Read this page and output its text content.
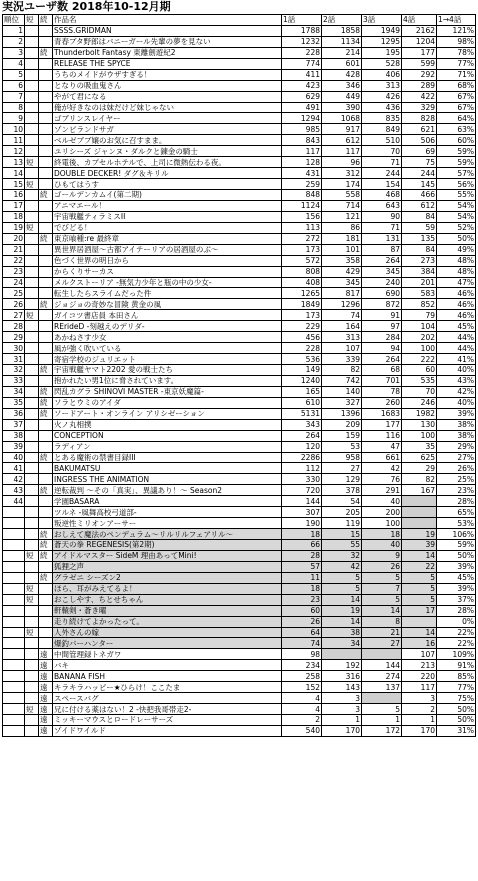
実況ユーザ数 2018年10-12月期
順位	短	続	作品名	1話	2話	3話	4話	1→4話
1			SSSS.GRIDMAN	1788	1858	1949	2162	121%
2			青春ブタ野郎はバニーガール先輩の夢を見ない	1232	1134	1295	1204	98%
3		続	Thunderbolt Fantasy 東離劍遊紀2	228	214	195	177	78%
4			RELEASE THE SPYCE	774	601	528	599	77%
5			うちのメイドがウザすぎる！	411	428	406	292	71%
6			となりの吸血鬼さん	423	346	313	289	68%
7			やがて君になる	629	449	426	422	67%
8			俺が好きなのは妹だけど妹じゃない	491	390	436	329	67%
9			ゴブリンスレイヤー	1294	1068	835	828	64%
10			ゾンビランドサガ	985	917	849	621	63%
11			ベルゼブブ嬢のお気に召すまま。	843	612	510	506	60%
12			ユリシーズ ジャンヌ・ダルクと錬金の騎士	117	117	70	69	59%
13	短		終電後、カプセルホテルで、上司に微熱伝わる夜。	128	96	71	75	59%
14			DOUBLE DECKER! ダグ＆キリル	431	312	244	244	57%
15	短		ひもてはうす	259	174	154	145	56%
16		続	ゴールデンカムイ(第二期)	848	558	468	466	55%
17			アニマエール！	1124	714	643	612	54%
18			宇宙戦艦ティラミスII	156	121	90	84	54%
19	短		でびどる！	113	86	71	59	52%
20		続	東京喰種:re 最終章	272	181	131	135	50%
21			異世界居酒屋～古都アイテーリアの居酒屋のぶ～	173	101	87	84	49%
22			色づく世界の明日から	572	358	264	273	48%
23			からくりサーカス	808	429	345	384	48%
24			メルクストーリア -無気力少年と瓶の中の少女-	408	345	240	201	47%
25			転生したらスライムだった件	1265	817	690	583	46%
26		続	ジョジョの奇妙な冒険 黄金の風	1849	1296	872	852	46%
27	短		ガイコツ書店員 本田さん	173	74	91	79	46%
28			RErideD -刻越えのデリダ-	229	164	97	104	45%
29			あかねさす少女	456	313	284	202	44%
30			風が強く吹いている	228	107	94	100	44%
31			寄宿学校のジュリエット	536	339	264	222	41%
32		続	宇宙戦艦ヤマト2202 愛の戦士たち	149	82	68	60	40%
33			抱かれたい男1位に脅されています。	1240	742	701	535	43%
34		続	閃乱カグラ SHINOVI MASTER -東京妖魔篇-	165	140	78	70	42%
35		続	ソラとウミのアイダ	610	327	260	246	40%
36		続	ソードアート・オンライン アリシゼーション	5131	1396	1683	1982	39%
37			火ノ丸相撲	343	209	177	130	38%
38			CONCEPTION	264	159	116	100	38%
39			ラディアン	120	53	47	35	29%
40		続	とある魔術の禁書目録III	2286	958	661	625	27%
41			BAKUMATSU	112	27	42	29	26%
42			INGRESS THE ANIMATION	330	129	76	82	25%
43		続	逆転裁判 ～その「真実」、異議あり！～ Season2	720	378	291	167	23%
44			学園BASARA	144	54	40		28%
			ツルネ -風舞高校弓道部-	307	205	200		65%
			叛逆性ミリオンアーサー	190	119	100		53%
		続	おしえて魔法のペンデュラム～リルリルフェアリル～	18	15	18	19	106%
		続	蒼天の拳 REGENESIS(第2期)	66	55	40	39	59%
	短	続	アイドルマスター SideM 理由あってMini!	28	32	9	14	50%
			狐狸之声	57	42	26	22	39%
		続	グラゼニ シーズン2	11	5	5	5	45%
	短		ほら、耳がみえてるよ！	18	5	7	5	39%
	短		おこしやす、ちとせちゃん	23	14	5	5	37%
			軒轅剣・蒼き曜	60	19	14	17	28%
			走り続けてよかったって。	26	14	8		0%
	短		人外さんの嫁	64	38	21	14	22%
			爆釣バーハンター	74	34	27	16	22%
		遠	中間管理録トネガワ	98			107	109%
		遠	バキ	234	192	144	213	91%
		遠	BANANA FISH	258	316	274	220	85%
		遠	キラキラハッピー★ひらけ！ここたま	152	143	137	117	77%
		遠	スペースバグ	4	3		3	75%
	短	遠	兄に付ける薬はない！2 -快把我哥帯走2-	4	3	5	2	50%
		遠	ミッキーマウスとロードレーサーズ	2	1	1	1	50%
		遠	ゾイドワイルド	540	170	172	170	31%
